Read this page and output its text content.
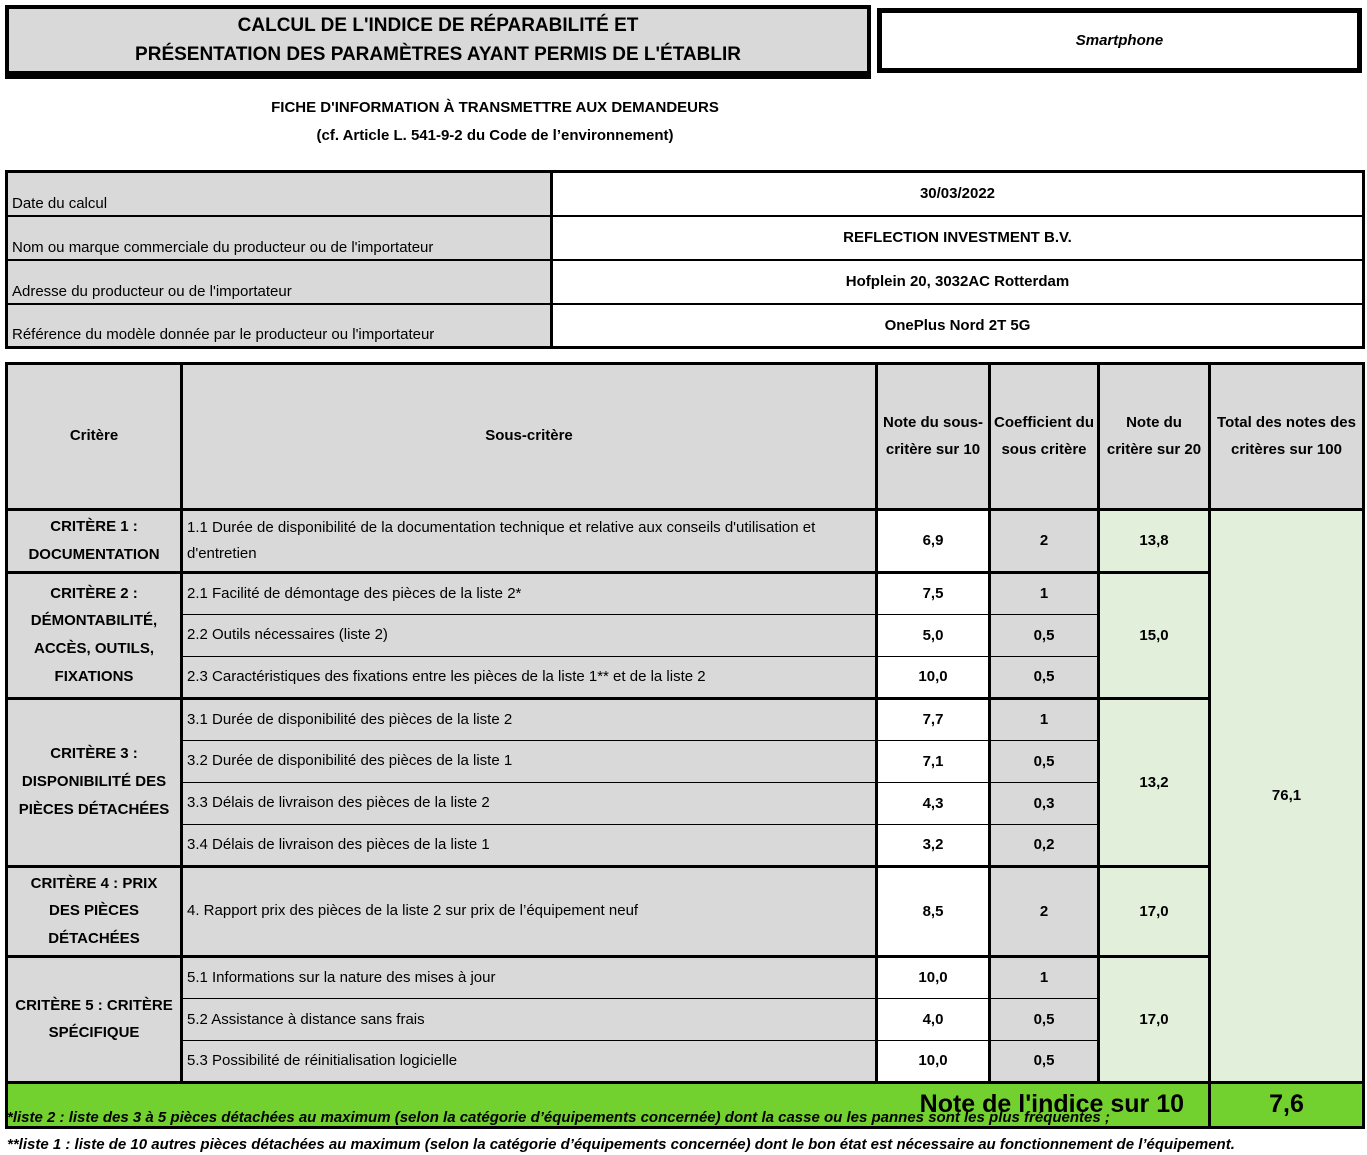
CALCUL DE L'INDICE DE RÉPARABILITÉ ET
PRÉSENTATION DES PARAMÈTRES AYANT PERMIS DE L'ÉTABLIR
Smartphone
FICHE D'INFORMATION À TRANSMETTRE AUX DEMANDEURS
(cf. Article L. 541-9-2 du Code de l’environnement)
Date du calcul	30/03/2022
Nom ou marque commerciale du producteur ou de l'importateur	REFLECTION INVESTMENT B.V.
Adresse du producteur ou de l'importateur	Hofplein 20, 3032AC Rotterdam
Référence du modèle donnée par le producteur ou l'importateur	OnePlus Nord 2T 5G
Critère	Sous-critère	Note du sous-critère sur 10	Coefficient du sous critère	Note du critère sur 20	Total des notes des critères sur 100
CRITÈRE 1 : DOCUMENTATION	1.1 Durée de disponibilité de la documentation technique et relative aux conseils d'utilisation et d'entretien	6,9	2	13,8	76,1
CRITÈRE 2 : DÉMONTABILITÉ, ACCÈS, OUTILS, FIXATIONS	2.1 Facilité de démontage des pièces de la liste 2*	7,5	1	15,0	
	2.2 Outils nécessaires (liste 2)	5,0	0,5		
	2.3 Caractéristiques des fixations entre les pièces de la liste 1** et de la liste 2	10,0	0,5		
CRITÈRE 3 : DISPONIBILITÉ DES PIÈCES DÉTACHÉES	3.1 Durée de disponibilité des pièces de la liste 2	7,7	1	13,2	
	3.2 Durée de disponibilité des pièces de la liste 1	7,1	0,5		
	3.3 Délais de livraison des pièces de la liste 2	4,3	0,3		
	3.4 Délais de livraison des pièces de la liste 1	3,2	0,2		
CRITÈRE 4 : PRIX DES PIÈCES DÉTACHÉES	4. Rapport prix des pièces de la liste 2 sur prix de l’équipement neuf	8,5	2	17,0	
CRITÈRE 5 : CRITÈRE SPÉCIFIQUE	5.1 Informations sur la nature des mises à jour	10,0	1	17,0	
	5.2 Assistance à distance sans frais	4,0	0,5		
	5.3 Possibilité de réinitialisation logicielle	10,0	0,5		
Note de l'indice sur 10					7,6
*liste 2 : liste des 3 à 5 pièces détachées au maximum (selon la catégorie d’équipements concernée) dont la casse ou les pannes sont les plus fréquentes ;
**liste 1 : liste de 10 autres pièces détachées au maximum (selon la catégorie d’équipements concernée) dont le bon état est nécessaire au fonctionnement de l’équipement.
